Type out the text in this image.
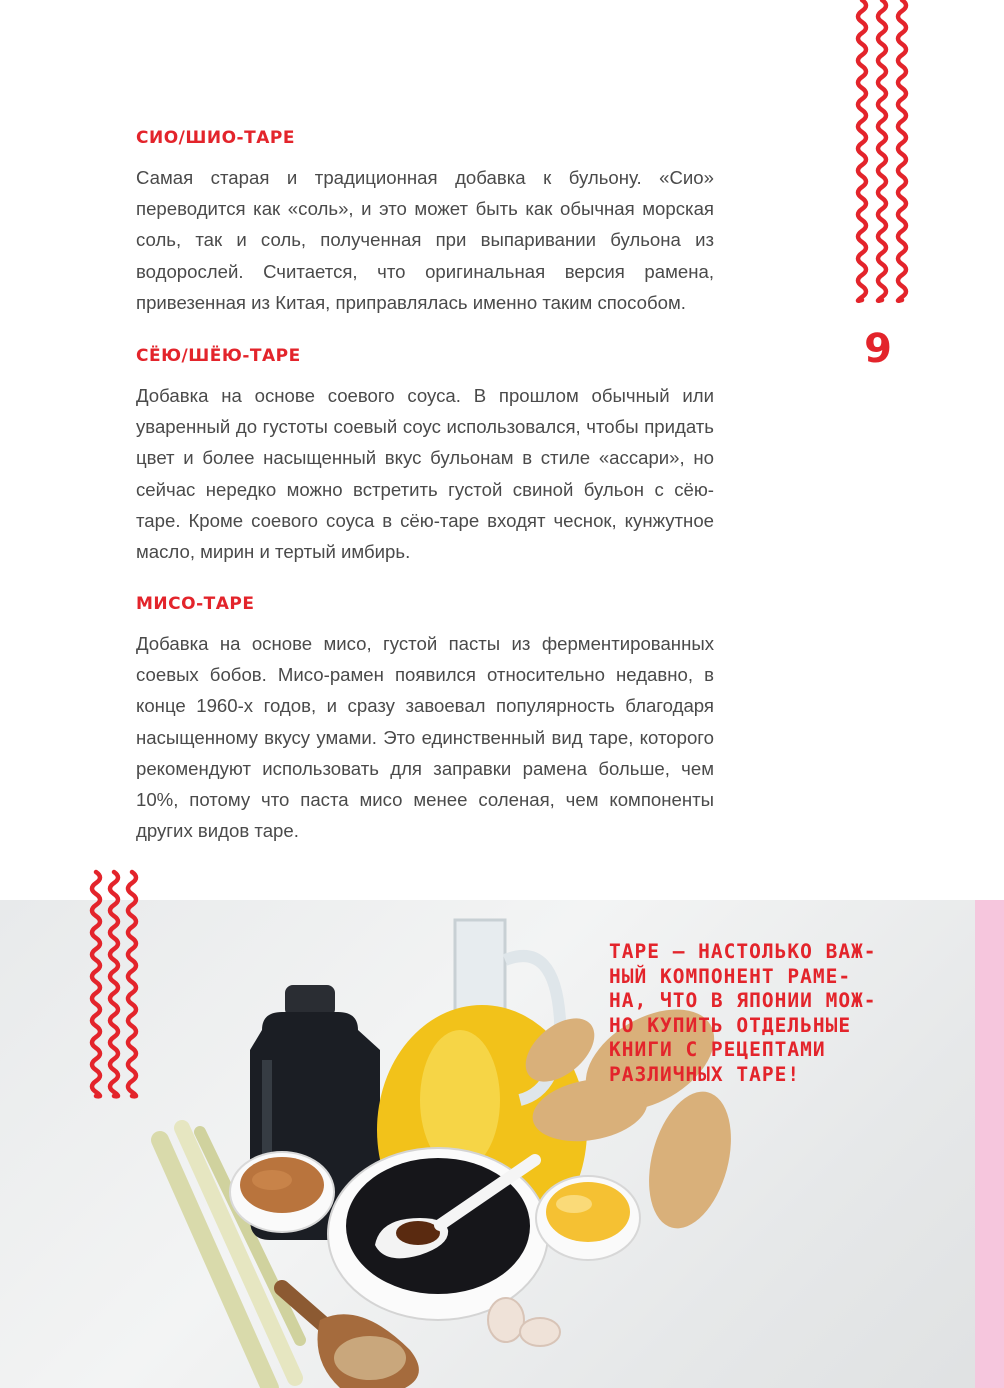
9
СИО/ШИО-ТАРЕ

Самая старая и традиционная добавка к бульону. «Сио» переводится как «соль», и это может быть как обычная морская соль, так и соль, полученная при выпаривании бульона из водорослей. Считается, что оригинальная версия рамена, привезенная из Китая, приправлялась именно таким способом.

СЁЮ/ШЁЮ-ТАРЕ

Добавка на основе соевого соуса. В прошлом обычный или уваренный до густоты соевый соус использовался, чтобы придать цвет и более насыщенный вкус бульонам в стиле «ассари», но сейчас нередко можно встретить густой свиной бульон с сёю-таре. Кроме соевого соуса в сёю-таре входят чеснок, кунжутное масло, мирин и тертый имбирь.

МИСО-ТАРЕ

Добавка на основе мисо, густой пасты из ферментированных соевых бобов. Мисо-рамен появился относительно недавно, в конце 1960-х годов, и сразу завоевал популярность благодаря насыщенному вкусу умами. Это единственный вид таре, которого рекомендуют использовать для заправки рамена больше, чем 10%, потому что паста мисо менее соленая, чем компоненты других видов таре.

ТАРЕ – НАСТОЛЬКО ВАЖ-
НЫЙ КОМПОНЕНТ РАМЕ-
НА, ЧТО В ЯПОНИИ МОЖ-
НО КУПИТЬ ОТДЕЛЬНЫЕ
КНИГИ С РЕЦЕПТАМИ
РАЗЛИЧНЫХ ТАРЕ!
